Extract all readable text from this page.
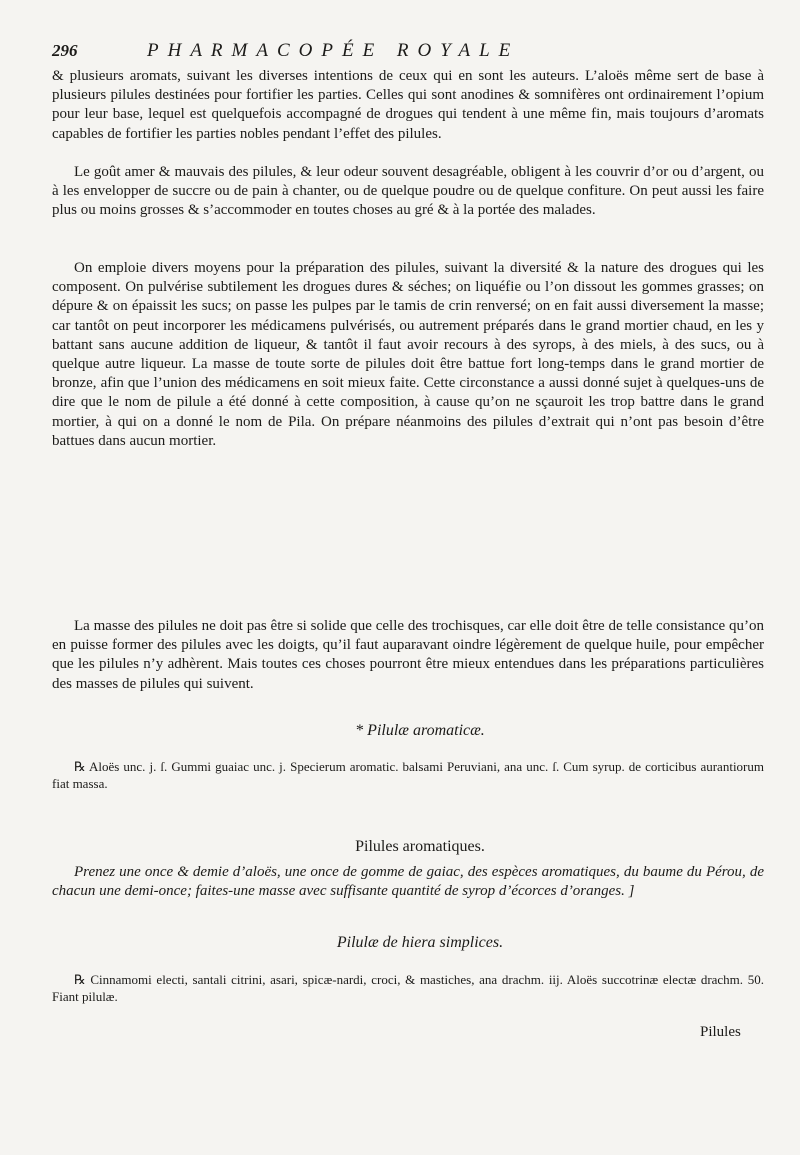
296	PHARMACOPÉE ROYALE
& plusieurs aromats, suivant les diverses intentions de ceux qui en sont les auteurs. L’aloës même sert de base à plusieurs pilules destinées pour fortifier les parties. Celles qui sont anodines & somnifères ont ordinairement l’opium pour leur base, lequel est quelquefois accompagné de drogues qui tendent à une même fin, mais toujours d’aromats capables de fortifier les parties nobles pendant l’effet des pilules.
Le goût amer & mauvais des pilules, & leur odeur souvent desagréable, obligent à les couvrir d’or ou d’argent, ou à les envelopper de succre ou de pain à chanter, ou de quelque poudre ou de quelque confiture. On peut aussi les faire plus ou moins grosses & s’accommoder en toutes choses au gré & à la portée des malades.
On emploie divers moyens pour la préparation des pilules, suivant la diversité & la nature des drogues qui les composent. On pulvérise subtilement les drogues dures & séches; on liquéfie ou l’on dissout les gommes grasses; on dépure & on épaissit les sucs; on passe les pulpes par le tamis de crin renversé; on en fait aussi diversement la masse; car tantôt on peut incorporer les médicamens pulvérisés, ou autrement préparés dans le grand mortier chaud, en les y battant sans aucune addition de liqueur, & tantôt il faut avoir recours à des syrops, à des miels, à des sucs, ou à quelque autre liqueur. La masse de toute sorte de pilules doit être battue fort long-temps dans le grand mortier de bronze, afin que l’union des médicamens en soit mieux faite. Cette circonstance a aussi donné sujet à quelques-uns de dire que le nom de pilule a été donné à cette composition, à cause qu’on ne sçauroit les trop battre dans le grand mortier, à qui on a donné le nom de Pila. On prépare néanmoins des pilules d’extrait qui n’ont pas besoin d’être battues dans aucun mortier.
La masse des pilules ne doit pas être si solide que celle des trochisques, car elle doit être de telle consistance qu’on en puisse former des pilules avec les doigts, qu’il faut auparavant oindre légèrement de quelque huile, pour empêcher que les pilules n’y adhèrent. Mais toutes ces choses pourront être mieux entendues dans les préparations particulières des masses de pilules qui suivent.
* Pilulæ aromaticæ.
℞ Aloës unc. j. ſ. Gummi guaiac unc. j. Specierum aromatic. balsami Peruviani, ana unc. ſ. Cum syrup. de corticibus aurantiorum fiat massa.
Pilules aromatiques.
Prenez une once & demie d’aloës, une once de gomme de gaiac, des espèces aromatiques, du baume du Pérou, de chacun une demi-once; faites-une masse avec suffisante quantité de syrop d’écorces d’oranges. ]
Pilulæ de hiera simplices.
℞ Cinnamomi electi, santali citrini, asari, spicæ-nardi, croci, & mastiches, ana drachm. iij. Aloës succotrinæ electæ drachm. 50. Fiant pilulæ.
Pilules
